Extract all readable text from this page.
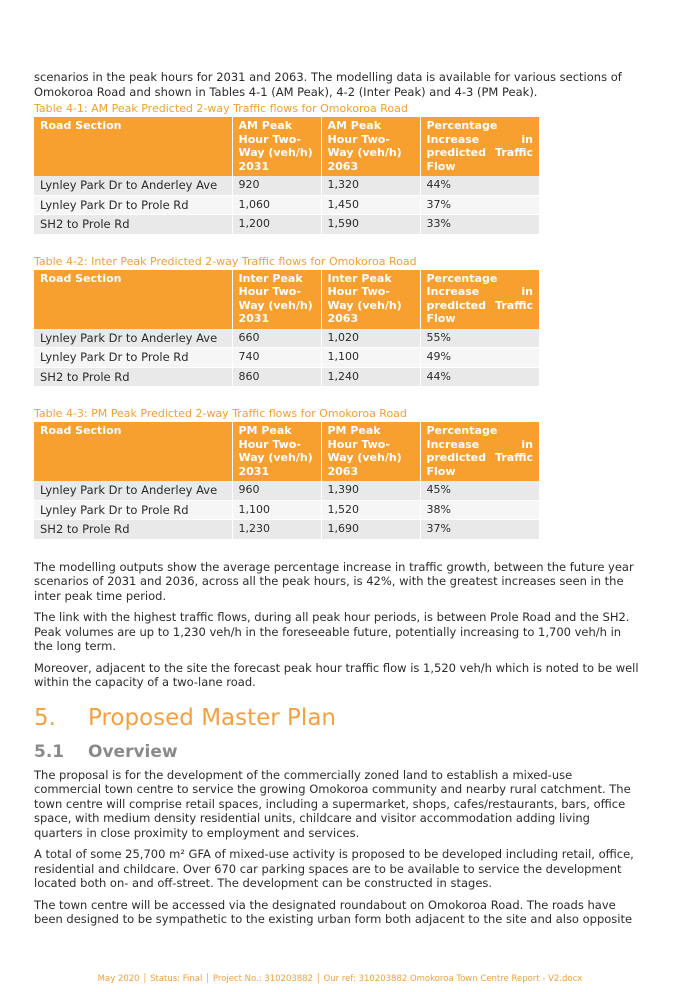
scenarios in the peak hours for 2031 and 2063. The modelling data is available for various sections of Omokoroa Road and shown in Tables 4-1 (AM Peak), 4-2 (Inter Peak) and 4-3 (PM Peak).

Table 4-1: AM Peak Predicted 2-way Traffic flows for Omokoroa Road

Road Section	AM Peak Hour Two-Way (veh/h) 2031	AM Peak Hour Two-Way (veh/h) 2063	Percentage Increase in predicted Traffic Flow
Lynley Park Dr to Anderley Ave	920	1,320	44%
Lynley Park Dr to Prole Rd	1,060	1,450	37%
SH2 to Prole Rd	1,200	1,590	33%

Table 4-2: Inter Peak Predicted 2-way Traffic flows for Omokoroa Road

Road Section	Inter Peak Hour Two-Way (veh/h) 2031	Inter Peak Hour Two-Way (veh/h) 2063	Percentage Increase in predicted Traffic Flow
Lynley Park Dr to Anderley Ave	660	1,020	55%
Lynley Park Dr to Prole Rd	740	1,100	49%
SH2 to Prole Rd	860	1,240	44%

Table 4-3: PM Peak Predicted 2-way Traffic flows for Omokoroa Road

Road Section	PM Peak Hour Two-Way (veh/h) 2031	PM Peak Hour Two-Way (veh/h) 2063	Percentage Increase in predicted Traffic Flow
Lynley Park Dr to Anderley Ave	960	1,390	45%
Lynley Park Dr to Prole Rd	1,100	1,520	38%
SH2 to Prole Rd	1,230	1,690	37%

The modelling outputs show the average percentage increase in traffic growth, between the future year scenarios of 2031 and 2036, across all the peak hours, is 42%, with the greatest increases seen in the inter peak time period.

The link with the highest traffic flows, during all peak hour periods, is between Prole Road and the SH2. Peak volumes are up to 1,230 veh/h in the foreseeable future, potentially increasing to 1,700 veh/h in the long term.

Moreover, adjacent to the site the forecast peak hour traffic flow is 1,520 veh/h which is noted to be well within the capacity of a two-lane road.

5. Proposed Master Plan
5.1 Overview

The proposal is for the development of the commercially zoned land to establish a mixed-use commercial town centre to service the growing Omokoroa community and nearby rural catchment. The town centre will comprise retail spaces, including a supermarket, shops, cafes/restaurants, bars, office space, with medium density residential units, childcare and visitor accommodation adding living quarters in close proximity to employment and services.

A total of some 25,700 m² GFA of mixed-use activity is proposed to be developed including retail, office, residential and childcare. Over 670 car parking spaces are to be available to service the development located both on- and off-street. The development can be constructed in stages.

The town centre will be accessed via the designated roundabout on Omokoroa Road. The roads have been designed to be sympathetic to the existing urban form both adjacent to the site and also opposite

May 2020 │ Status: Final │ Project No.: 310203882 │ Our ref: 310203882 Omokoroa Town Centre Report - V2.docx
